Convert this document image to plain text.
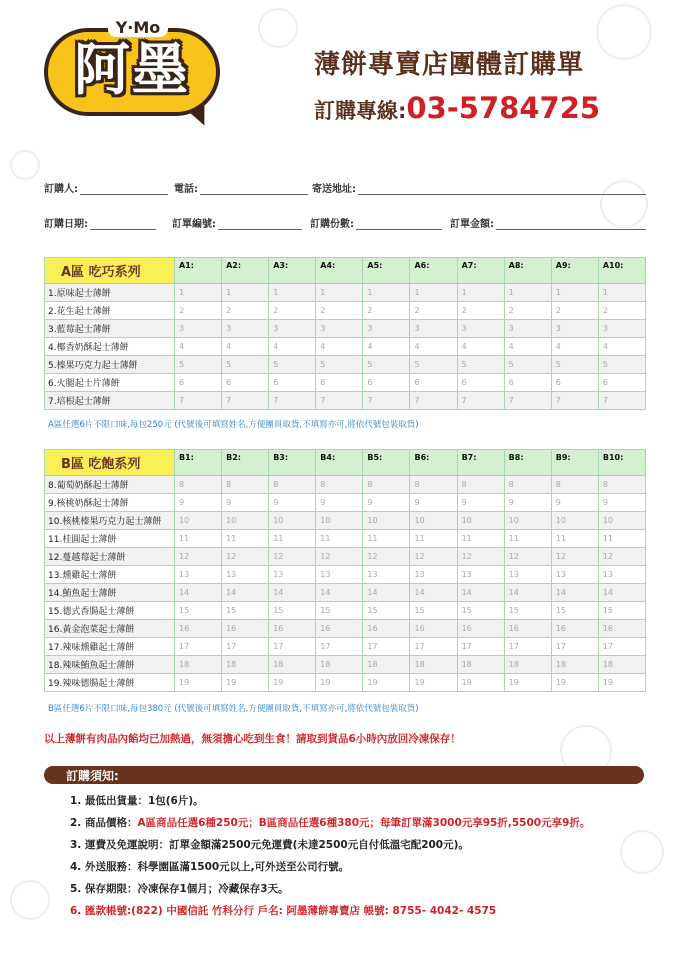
阿墨
Y·Mo
薄餅專賣店團體訂購單
訂購專線:03-5784725
訂購人:	電話:	寄送地址:
訂購日期:	訂單編號:	訂購份數:	訂單金額:
A區 吃巧系列	A1:	A2:	A3:	A4:	A5:	A6:	A7:	A8:	A9:	A10:
1.原味起士薄餅	1	1	1	1	1	1	1	1	1	1
2.花生起士薄餅	2	2	2	2	2	2	2	2	2	2
3.藍莓起士薄餅	3	3	3	3	3	3	3	3	3	3
4.椰香奶酥起士薄餅	4	4	4	4	4	4	4	4	4	4
5.榛果巧克力起士薄餅	5	5	5	5	5	5	5	5	5	5
6.火腿起士片薄餅	6	6	6	6	6	6	6	6	6	6
7.培根起士薄餅	7	7	7	7	7	7	7	7	7	7
A區任選6片不限口味,每包250元 (代號後可填寫姓名,方便團員取貨,不填寫亦可,將依代號包裝取貨)
B區 吃飽系列	B1:	B2:	B3:	B4:	B5:	B6:	B7:	B8:	B9:	B10:
8.葡萄奶酥起士薄餅	8	8	8	8	8	8	8	8	8	8
9.核桃奶酥起士薄餅	9	9	9	9	9	9	9	9	9	9
10.核桃榛果巧克力起士薄餅	10	10	10	10	10	10	10	10	10	10
11.桂圓起士薄餅	11	11	11	11	11	11	11	11	11	11
12.蔓越莓起士薄餅	12	12	12	12	12	12	12	12	12	12
13.燻雞起士薄餅	13	13	13	13	13	13	13	13	13	13
14.鮪魚起士薄餅	14	14	14	14	14	14	14	14	14	14
15.德式香腸起士薄餅	15	15	15	15	15	15	15	15	15	15
16.黃金泡菜起士薄餅	16	16	16	16	16	16	16	16	16	16
17.辣味燻雞起士薄餅	17	17	17	17	17	17	17	17	17	17
18.辣味鮪魚起士薄餅	18	18	18	18	18	18	18	18	18	18
19.辣味德腸起士薄餅	19	19	19	19	19	19	19	19	19	19
B區任選6片不限口味,每包380元 (代號後可填寫姓名,方便團員取貨,不填寫亦可,將依代號包裝取貨)
以上薄餅有肉品內餡均已加熱過，無須擔心吃到生食！請取到貨品6小時內放回冷凍保存！
訂購須知:
1. 最低出貨量：1包(6片)。
2. 商品價格：A區商品任選6種250元；B區商品任選6種380元；每筆訂單滿3000元享95折,5500元享9折。
3. 運費及免運說明：訂單金額滿2500元免運費(未達2500元自付低溫宅配200元)。
4. 外送服務：科學園區滿1500元以上,可外送至公司行號。
5. 保存期限：冷凍保存1個月；冷藏保存3天。
6. 匯款帳號:(822) 中國信託 竹科分行 戶名: 阿墨薄餅專賣店 帳號: 8755- 4042- 4575
